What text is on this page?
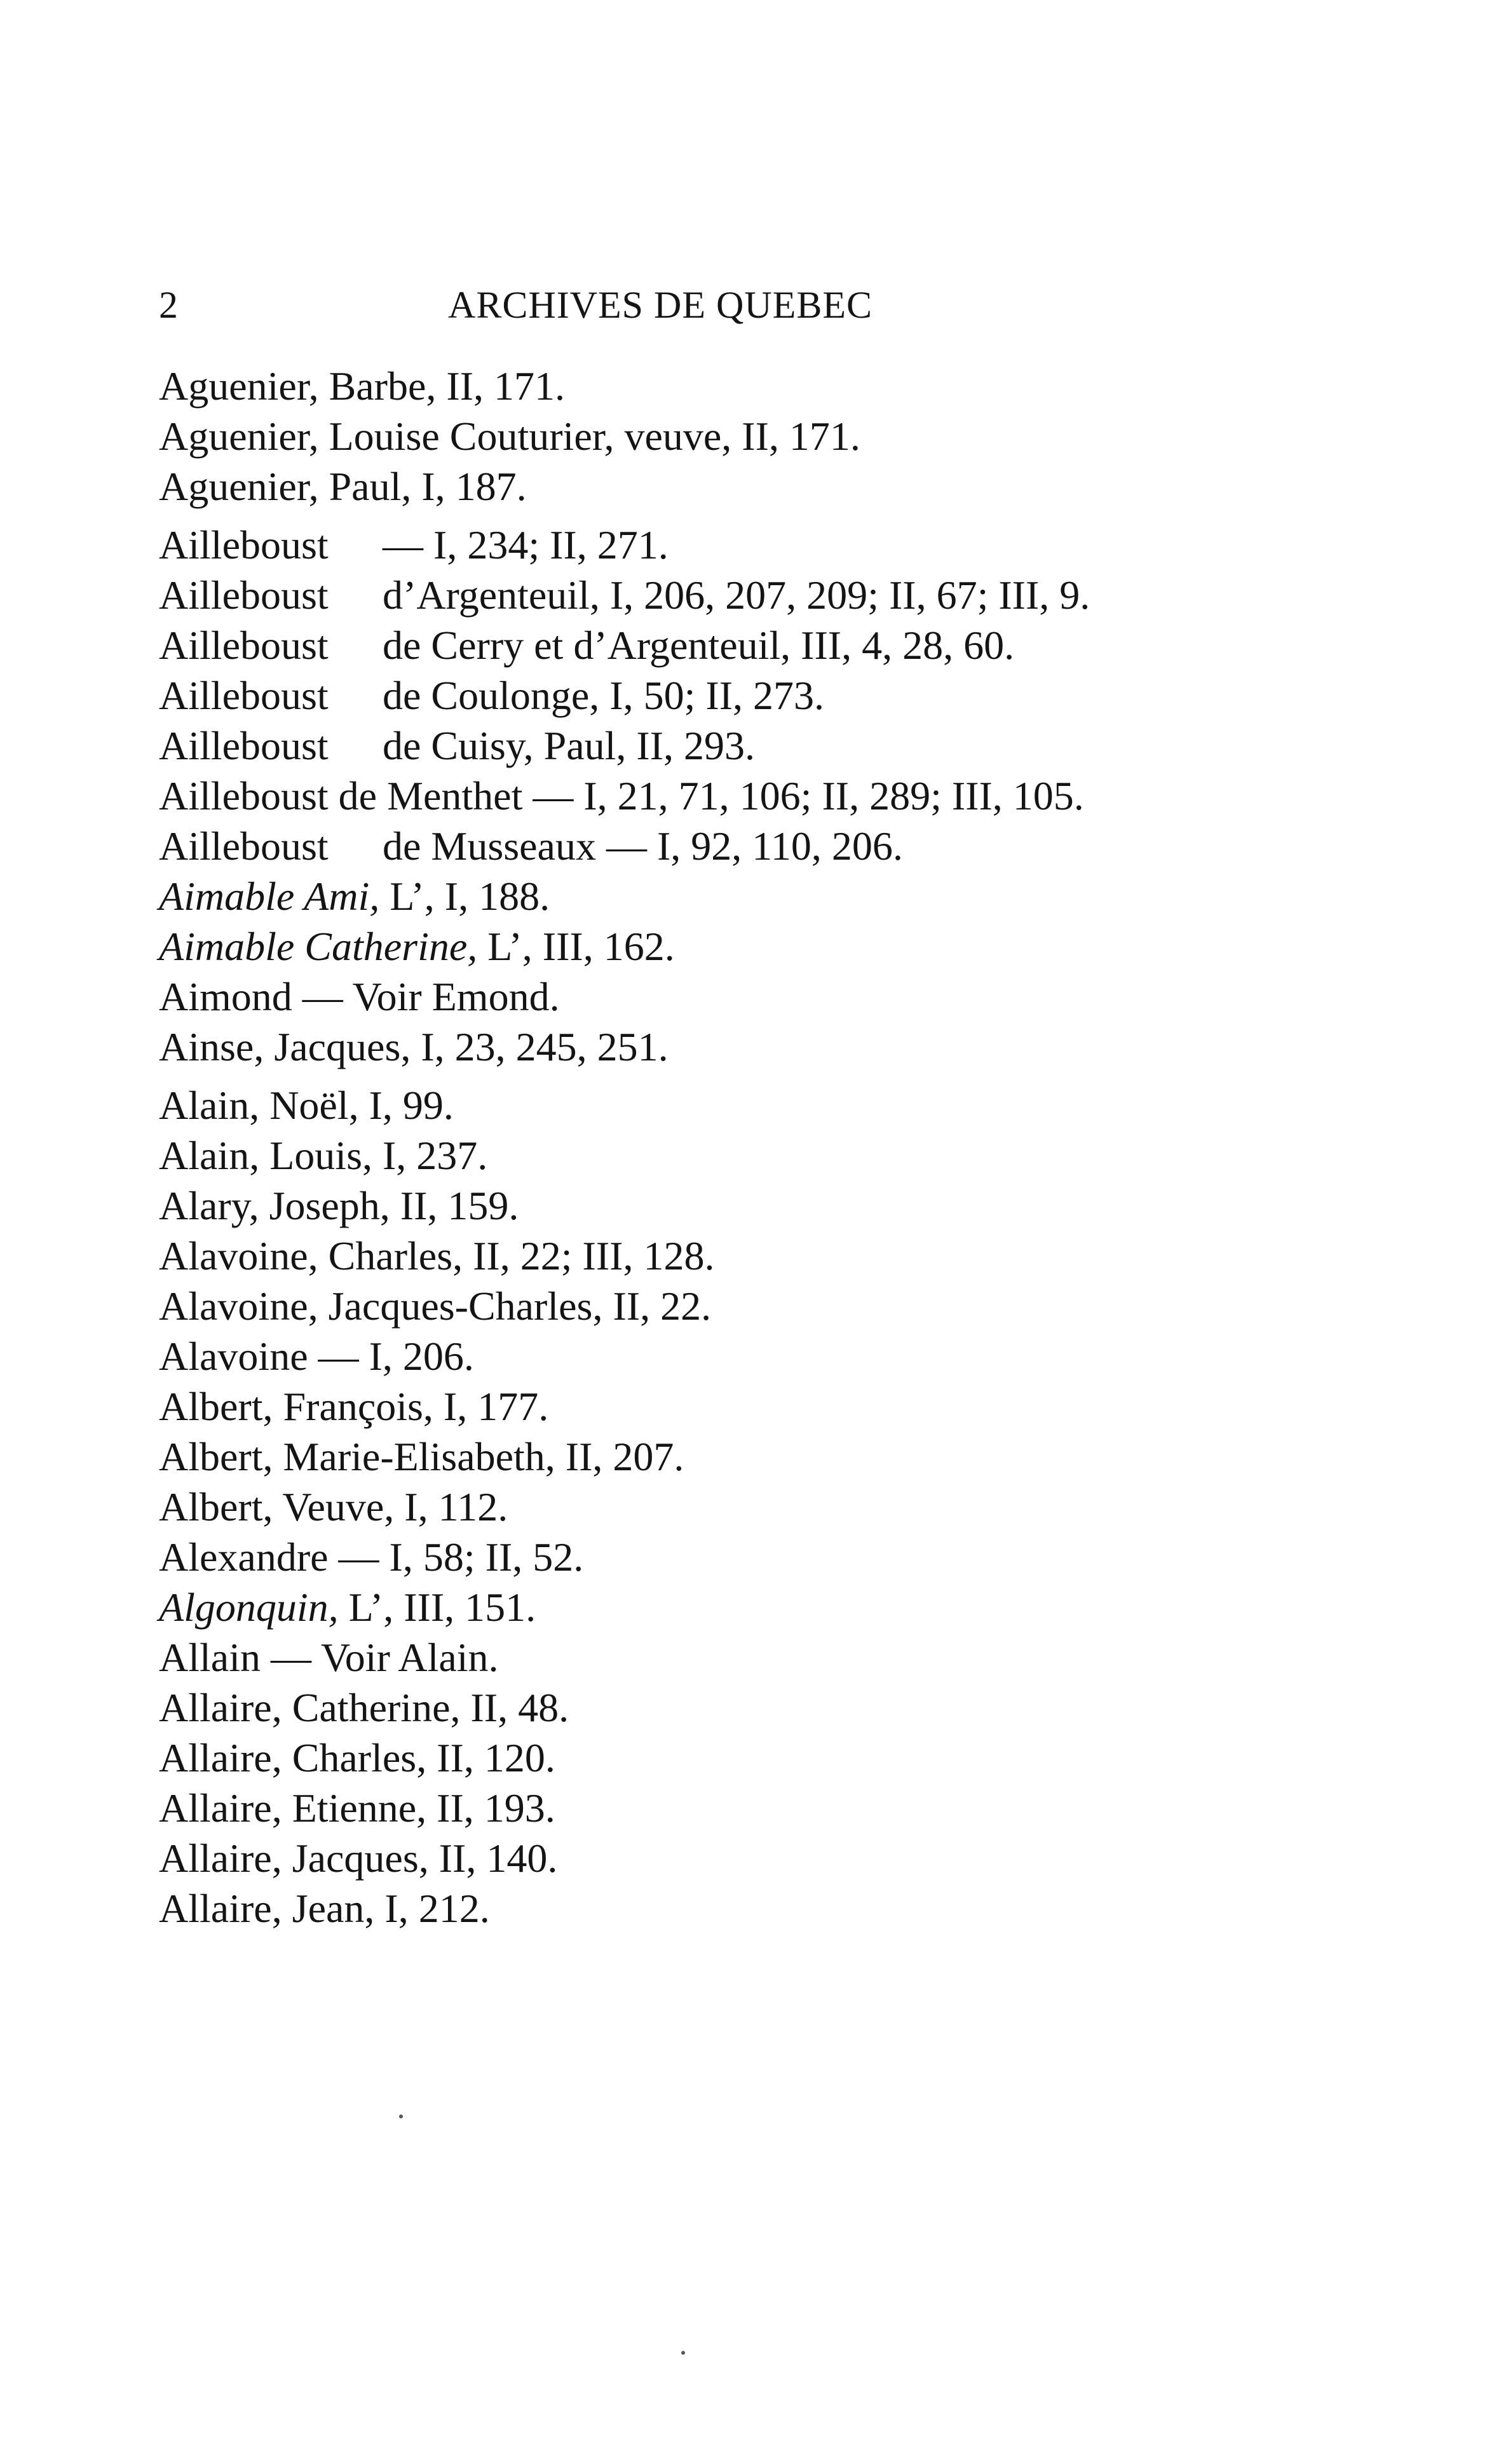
2	ARCHIVES DE QUEBEC
Aguenier, Barbe, II, 171.
Aguenier, Louise Couturier, veuve, II, 171.
Aguenier, Paul, I, 187.
Ailleboust — I, 234; II, 271.
Ailleboust d’Argenteuil, I, 206, 207, 209; II, 67; III, 9.
Ailleboust de Cerry et d’Argenteuil, III, 4, 28, 60.
Ailleboust de Coulonge, I, 50; II, 273.
Ailleboust de Cuisy, Paul, II, 293.
Ailleboust de Menthet — I, 21, 71, 106; II, 289; III, 105.
Ailleboust de Musseaux — I, 92, 110, 206.
Aimable Ami, L’, I, 188.
Aimable Catherine, L’, III, 162.
Aimond — Voir Emond.
Ainse, Jacques, I, 23, 245, 251.
Alain, Noël, I, 99.
Alain, Louis, I, 237.
Alary, Joseph, II, 159.
Alavoine, Charles, II, 22; III, 128.
Alavoine, Jacques-Charles, II, 22.
Alavoine — I, 206.
Albert, François, I, 177.
Albert, Marie-Elisabeth, II, 207.
Albert, Veuve, I, 112.
Alexandre — I, 58; II, 52.
Algonquin, L’, III, 151.
Allain — Voir Alain.
Allaire, Catherine, II, 48.
Allaire, Charles, II, 120.
Allaire, Etienne, II, 193.
Allaire, Jacques, II, 140.
Allaire, Jean, I, 212.
